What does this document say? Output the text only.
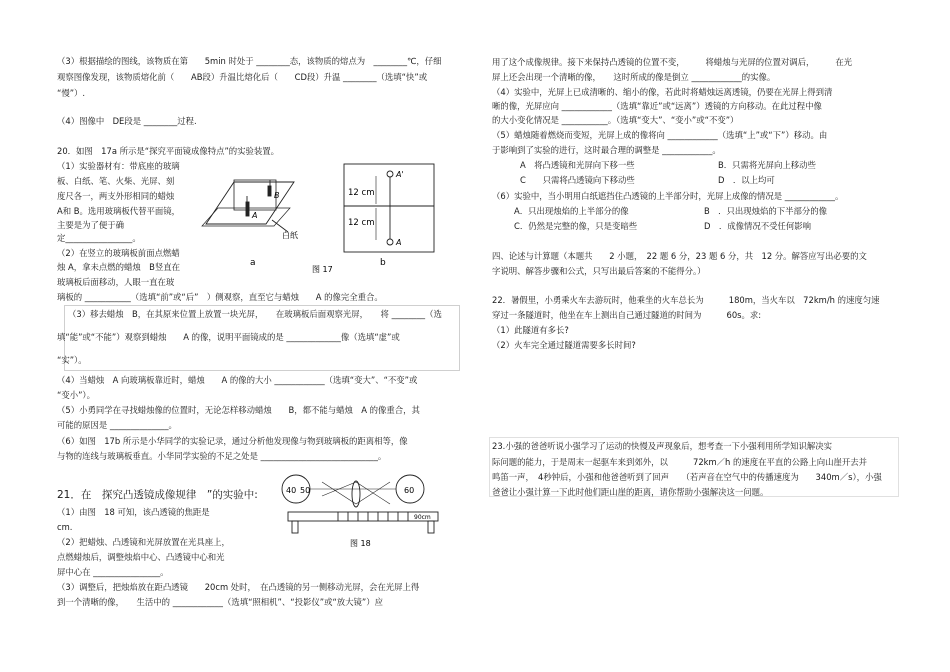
（3）根据描绘的图线，该物质在第　　5min 时处于 ________态，该物质的熔点为　________℃，仔细
观察图像发现，该物质熔化前（　　AB段）升温比熔化后（　　CD段）升温 ________（选填“快”或
“慢”）.
（4）图像中　DE段是 ________过程.
20．如图　17a 所示是“探究平面镜成像特点”的实验装置。
（1）实验器材有：带底座的玻璃
板、白纸、笔、火柴、光屏、刻
度尺各一，两支外形相同的蜡烛
A和 B。选用玻璃板代替平面镜，
主要是为了便于确
定________________。
（2）在竖立的玻璃板前面点燃蜡
烛 A，拿未点燃的蜡烛　B竖直在
玻璃板后面移动，人眼一直在玻
璃板的 ___________（选填“前”或“后”　）侧观察，直至它与蜡烛　　A 的像完全重合。
B
A
白纸
a
A'
A
12 cm
12 cm
b
图 17
（3）移去蜡烛　B，在其原来位置上放置一块光屏，　　在玻璃板后面观察光屏，　　将 ________（选
填“能”或“不能”）观察到蜡烛　　A 的像，说明平面镜成的是 _____________像（选填“虚”或
“实”）。
（4）当蜡烛　A 向玻璃板靠近时，蜡烛　　A 的像的大小 ____________（选填“变大”、“不变”或
“变小”）。
（5）小勇同学在寻找蜡烛像的位置时，无论怎样移动蜡烛　　B，都不能与蜡烛　A 的像重合，其
可能的原因是 ______________。
（6）如图　17b 所示是小华同学的实验记录，通过分析他发现像与物到玻璃板的距离相等，像
与物的连线与玻璃板垂直。小华同学实验的不足之处是 ____________________________。
21．在　探究凸透镜成像规律　”的实验中:
（1）由图　18 可知，该凸透镜的焦距是
cm.
（2）把蜡烛、凸透镜和光屏放置在光具座上，
点燃蜡烛后，调整烛焰中心、凸透镜中心和光
屏中心在 ________________。
（3）调整后，把烛焰放在距凸透镜　　20cm 处时，　在凸透镜的另一侧移动光屏，会在光屏上得
到一个清晰的像，　　生活中的 ____________（选填“照相机”、“投影仪”或“放大镜”）应
40 50	60
90cm
图 18
用了这个成像规律。接下来保持凸透镜的位置不变，　　　将蜡烛与光屏的位置对调后，　　　在光
屏上还会出现一个清晰的像，　　这时所成的像是倒立 ____________的实像。
（4）实验中，光屏上已成清晰的、缩小的像，若此时将蜡烛远离透镜，仍要在光屏上得到清
晰的像，光屏应向 ____________（选填“靠近”或“远离”）透镜的方向移动。在此过程中像
的大小变化情况是 ___________。（选填“变大”、“变小”或“不变”）
（5）蜡烛随着燃烧而变短，光屏上成的像将向 ____________（选填“上”或“下”）移动。由
于影响到了实验的进行，这时最合理的调整是 ____________。
A　将凸透镜和光屏向下移一些	B．只需将光屏向上移动些
C　　只需将凸透镜向下移动些	D　．以上均可
（6）实验中，当小明用白纸遮挡住凸透镜的上半部分时，光屏上成像的情况是 ____________。
A．只出现烛焰的上半部分的像	B　．只出现烛焰的下半部分的像
C．仍然是完整的像，只是变暗些	D　．成像情况不受任何影响
四、论述与计算题（本题共　　2 小题，　22 题 6 分，23 题 6 分，共　12 分。解答应写出必要的文
字说明、解答步骤和公式，只写出最后答案的不能得分。）
22．暑假里，小勇乘火车去游玩时，他乘坐的火车总长为　　　180m，当火车以　72km/h 的速度匀速
穿过一条隧道时，他坐在车上测出自己通过隧道的时间为　　　60s。求:
（1）此隧道有多长?
（2）火车完全通过隧道需要多长时间?
23.小强的爸爸听说小强学习了运动的快慢及声现象后，想考查一下小强利用所学知识解决实
际问题的能力，于是周末一起驱车来到郊外，以　　　72km／h 的速度在平直的公路上向山崖开去并
鸣笛一声，　4秒钟后，小强和他爸爸听到了回声　　（若声音在空气中的传播速度为　　340m／s），小强
爸爸让小强计算一下此时他们距山崖的距离，请你帮助小强解决这一问题。
